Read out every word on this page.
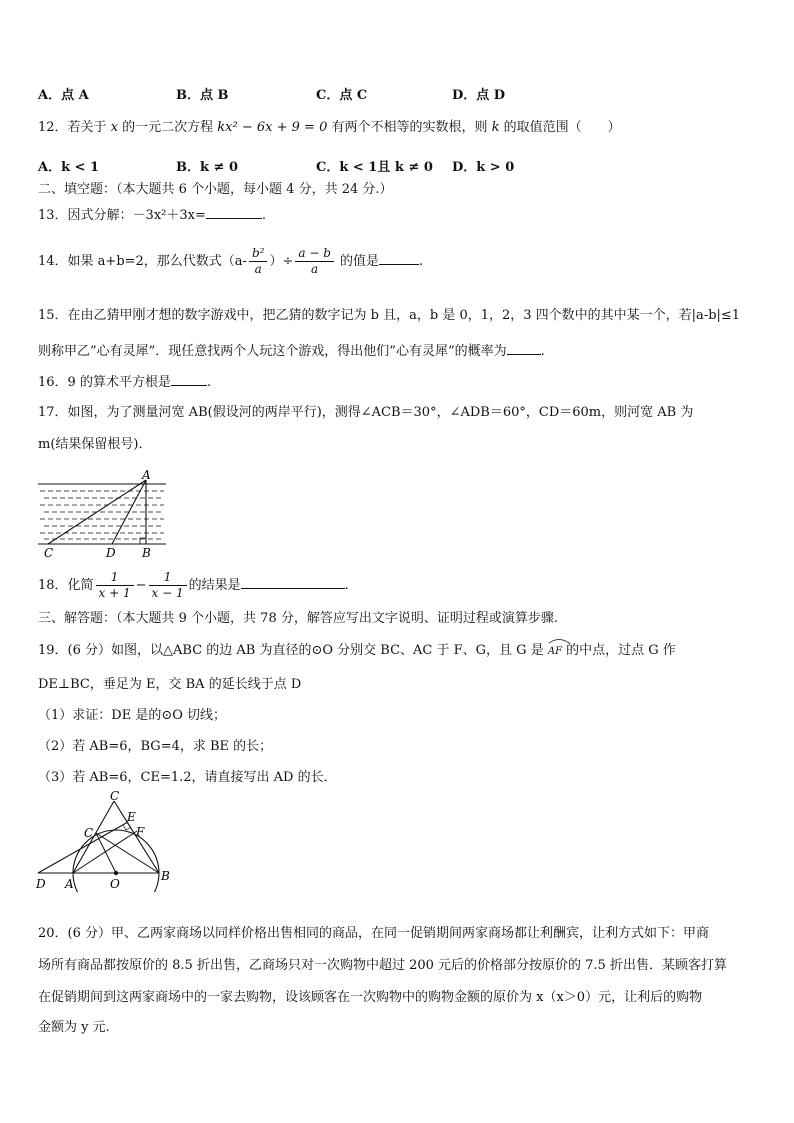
A．点 A	B．点 B	C．点 C	D．点 D
12．若关于 x 的一元二次方程 kx² − 6x + 9 = 0 有两个不相等的实数根，则 k 的取值范围（　　）
A．k < 1	B．k ≠ 0	C．k < 1且 k ≠ 0 D．k > 0
二、填空题：（本大题共 6 个小题，每小题 4 分，共 24 分.）
13．因式分解：－3x²＋3x=	.
14．如果 a+b=2，那么代数式（$a- \frac{\text{b²}}{a}$ ）÷ $\frac{a - b}{a}$ 的值是	.
15．在由乙猜甲刚才想的数字游戏中，把乙猜的数字记为 b 且，a，b 是 0，1，2，3 四个数中的其中某一个，若|a-b|≤1
则称甲乙”心有灵犀”．现任意找两个人玩这个游戏，得出他们”心有灵犀”的概率为	.
16．9 的算术平方根是	.
17．如图，为了测量河宽 AB(假设河的两岸平行)，测得∠ACB＝30°，∠ADB＝60°，CD＝60m，则河宽 AB 为
m(结果保留根号)．
A
C	D B
18．化简 $\frac{1}{x + 1} - \frac{1}{x - 1}$ 的结果是	.
三、解答题：（本大题共 9 个小题，共 78 分，解答应写出文字说明、证明过程或演算步骤.
19．(6 分）如图，以△ABC 的边 AB 为直径的⊙O 分别交 BC、AC 于 F、G，且 G 是 AF 的中点，过点 G 作
DE⊥BC，垂足为 E，交 BA 的延长线于点 D
（1）求证：DE 是的⊙O 切线；
（2）若 AB=6，BG=4，求 BE 的长；
（3）若 AB=6，CE=1.2，请直接写出 AD 的长．
C
E
C	F
D A	O
B
20．(6 分）甲、乙两家商场以同样价格出售相同的商品，在同一促销期间两家商场都让利酬宾，让利方式如下：甲商
场所有商品都按原价的 8.5 折出售，乙商场只对一次购物中超过 200 元后的价格部分按原价的 7.5 折出售．某顾客打算
在促销期间到这两家商场中的一家去购物，设该顾客在一次购物中的购物金额的原价为 x（x＞0）元，让利后的购物
金额为 y 元.
